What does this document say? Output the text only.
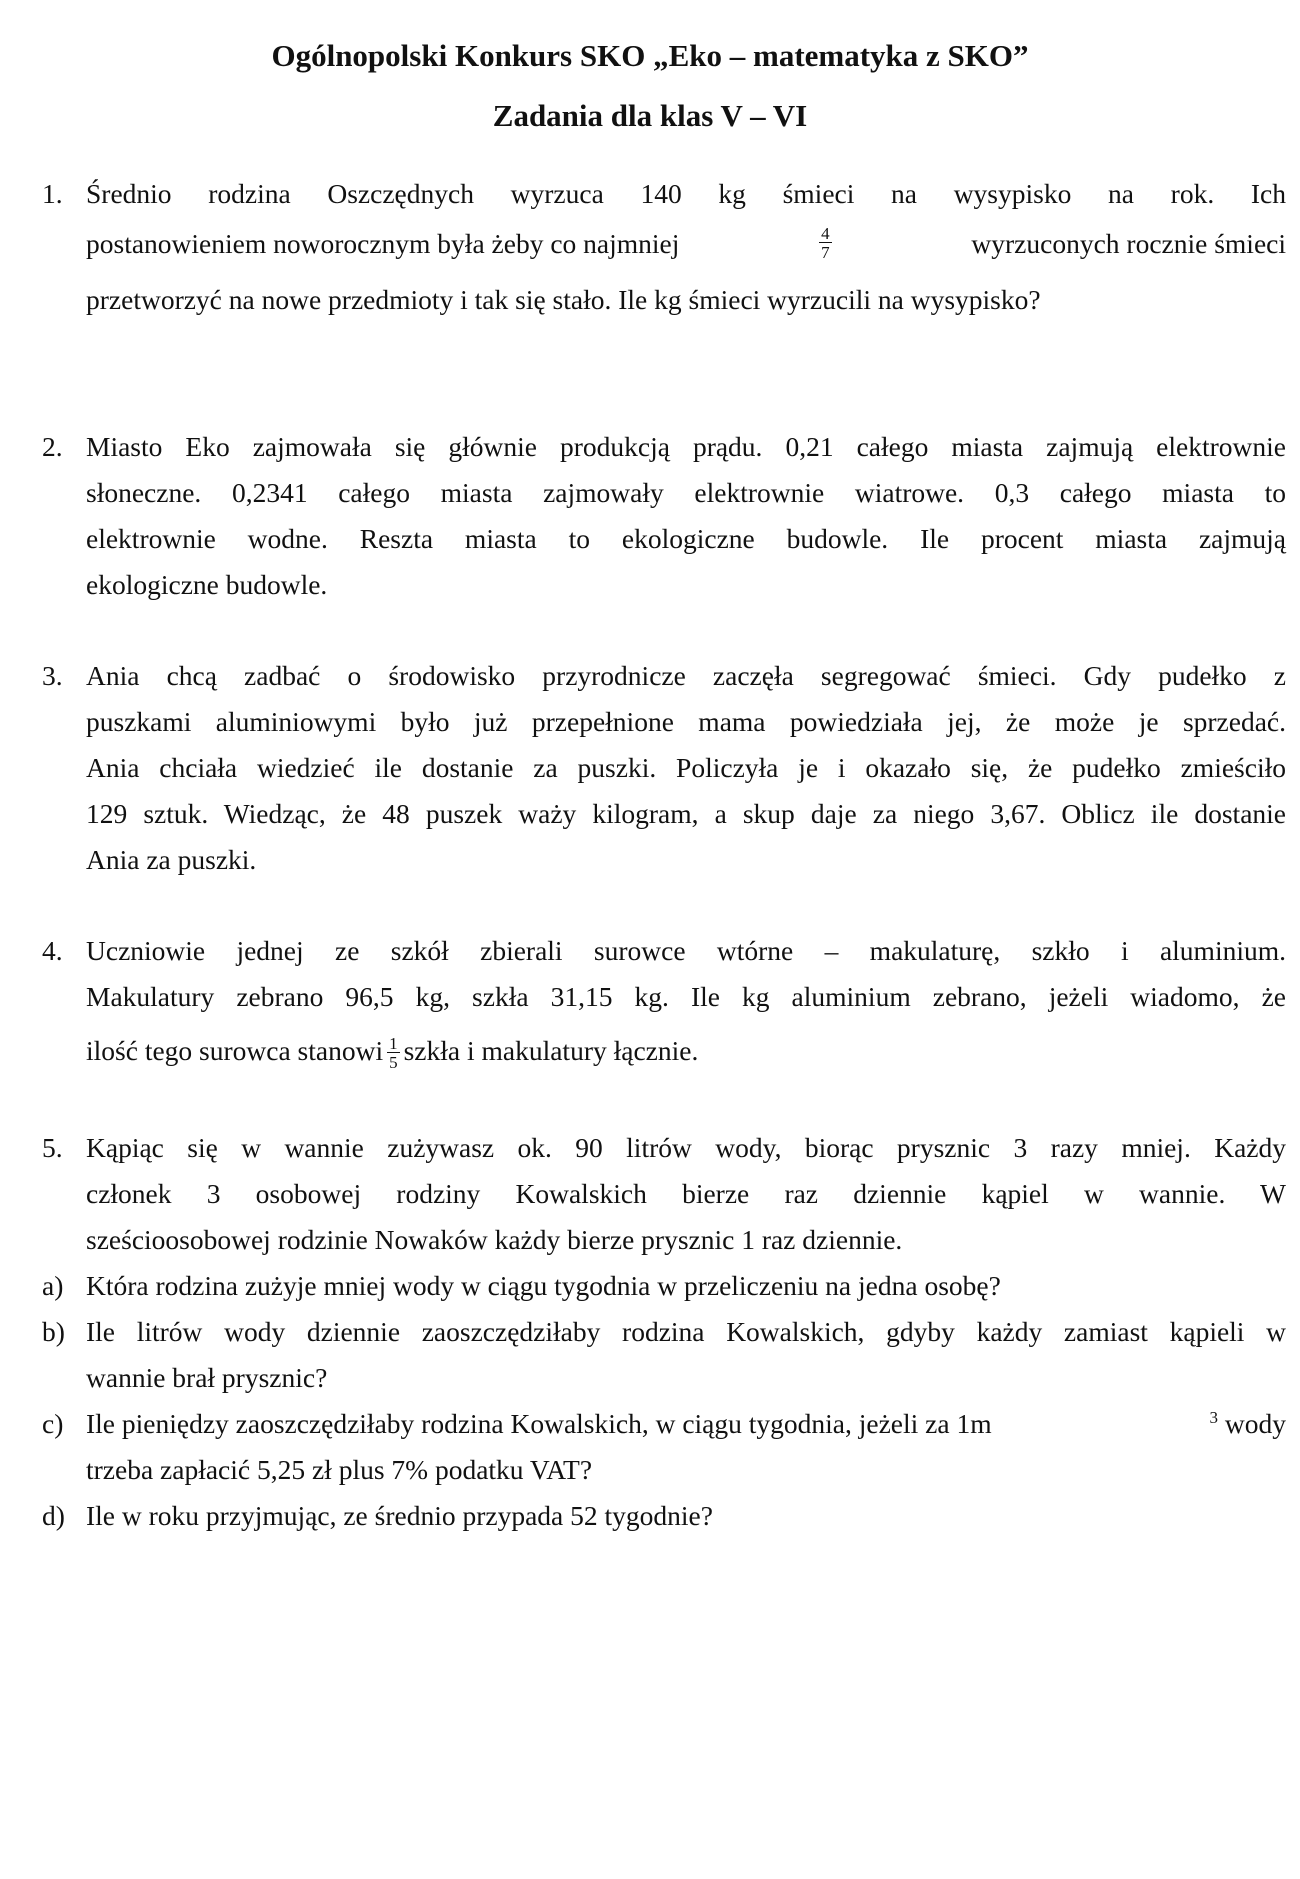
Ogólnopolski Konkurs SKO „Eko – matematyka z SKO”
Zadania dla klas V – VI
1. Średnio rodzina Oszczędnych wyrzuca 140 kg śmieci na wysypisko na rok. Ich
postanowieniem noworocznym była żeby co najmniej	$\frac{4}{7}$	wyrzuconych rocznie śmieci
przetworzyć na nowe przedmioty i tak się stało. Ile kg śmieci wyrzucili na wysypisko?
2. Miasto Eko zajmowała się głównie produkcją prądu. 0,21 całego miasta zajmują elektrownie
słoneczne. 0,2341 całego miasta zajmowały elektrownie wiatrowe. 0,3 całego miasta to
elektrownie wodne. Reszta miasta to ekologiczne budowle. Ile procent miasta zajmują
ekologiczne budowle.
3. Ania chcą zadbać o środowisko przyrodnicze zaczęła segregować śmieci. Gdy pudełko z
puszkami aluminiowymi było już przepełnione mama powiedziała jej, że może je sprzedać.
Ania chciała wiedzieć ile dostanie za puszki. Policzyła je i okazało się, że pudełko zmieściło
129 sztuk. Wiedząc, że 48 puszek waży kilogram, a skup daje za niego 3,67. Oblicz ile dostanie
Ania za puszki.
4. Uczniowie jednej ze szkół zbierali surowce wtórne – makulaturę, szkło i aluminium.
Makulatury zebrano 96,5 kg, szkła 31,15 kg. Ile kg aluminium zebrano, jeżeli wiadomo, że
ilość tego surowca stanowi $\frac{1}{5}$ szkła i makulatury łącznie.
5. Kąpiąc się w wannie zużywasz ok. 90 litrów wody, biorąc prysznic 3 razy mniej. Każdy
członek 3 osobowej rodziny Kowalskich bierze raz dziennie kąpiel w wannie. W
sześcioosobowej rodzinie Nowaków każdy bierze prysznic 1 raz dziennie.
a) Która rodzina zużyje mniej wody w ciągu tygodnia w przeliczeniu na jedna osobę?
b) Ile litrów wody dziennie zaoszczędziłaby rodzina Kowalskich, gdyby każdy zamiast kąpieli w
wannie brał prysznic?
c) Ile pieniędzy zaoszczędziłaby rodzina Kowalskich, w ciągu tygodnia, jeżeli za 1m	$^3$ wody
trzeba zapłacić 5,25 zł plus 7% podatku VAT?
d) Ile w roku przyjmując, ze średnio przypada 52 tygodnie?
